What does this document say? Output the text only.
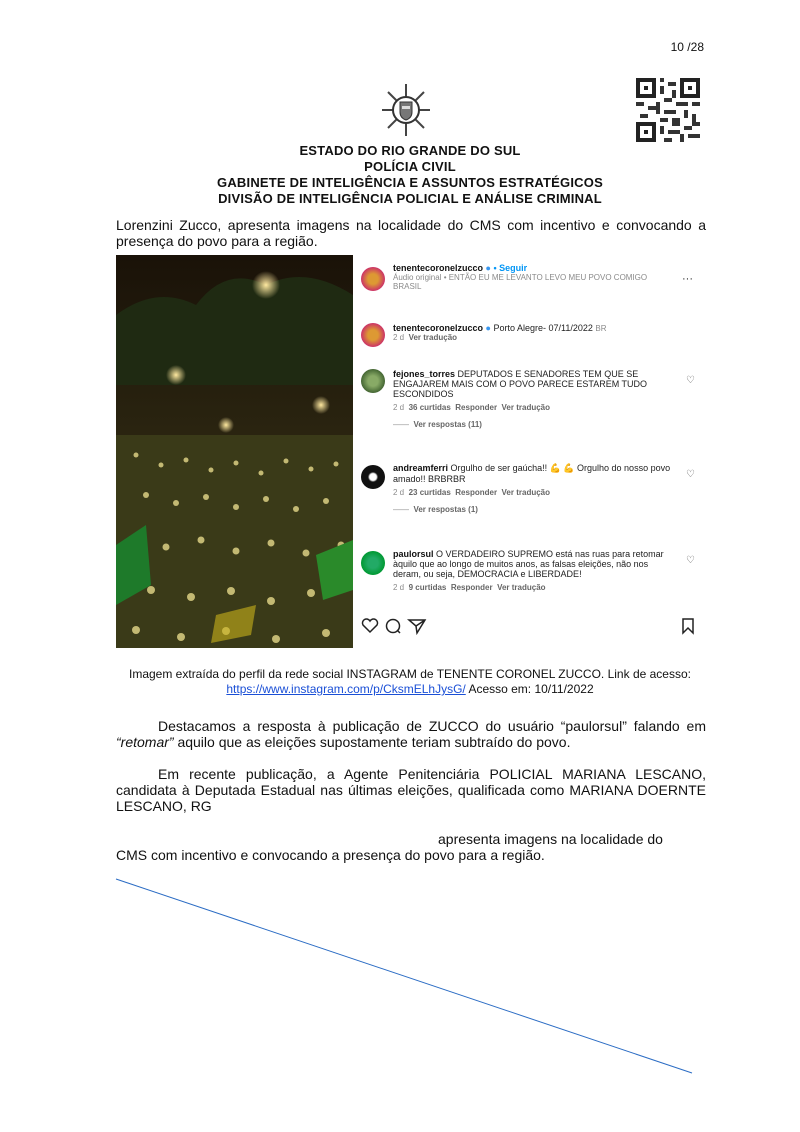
10 /28
ESTADO DO RIO GRANDE DO SUL
POLÍCIA CIVIL
GABINETE DE INTELIGÊNCIA E ASSUNTOS ESTRATÉGICOS
DIVISÃO DE INTELIGÊNCIA POLICIAL E ANÁLISE CRIMINAL
Lorenzini Zucco, apresenta imagens na localidade do CMS com incentivo e convocando a presença do povo para a região.
tenentecoronelzucco ● • Seguir
Áudio original • ENTÃO EU ME LEVANTO LEVO MEU POVO COMIGO BRASIL
···
tenentecoronelzucco ● Porto Alegre- 07/11/2022 BR
2 d Ver tradução
fejones_torres DEPUTADOS E SENADORES TEM QUE SE ENGAJAREM MAIS COM O POVO PARECE ESTAREM TUDO ESCONDIDOS
2 d 36 curtidas Responder Ver tradução
—— Ver respostas (11)
♡
andreamferri Orgulho de ser gaúcha!! 💪 💪 Orgulho do nosso povo amado!! BRBRBR
2 d 23 curtidas Responder Ver tradução
—— Ver respostas (1)
♡
paulorsul O VERDADEIRO SUPREMO está nas ruas para retomar àquilo que ao longo de muitos anos, as falsas eleições, não nos deram, ou seja, DEMOCRACIA e LIBERDADE!
2 d 9 curtidas Responder Ver tradução
♡
Imagem extraída do perfil da rede social INSTAGRAM de TENENTE CORONEL ZUCCO. Link de acesso: https://www.instagram.com/p/CksmELhJysG/ Acesso em: 10/11/2022
Destacamos a resposta à publicação de ZUCCO do usuário “paulorsul” falando em “retomar” aquilo que as eleições supostamente teriam subtraído do povo.
Em recente publicação, a Agente Penitenciária POLICIAL MARIANA LESCANO, candidata à Deputada Estadual nas últimas eleições, qualificada como MARIANA DOERNTE LESCANO, RG
apresenta imagens na localidade do
CMS com incentivo e convocando a presença do povo para a região.
